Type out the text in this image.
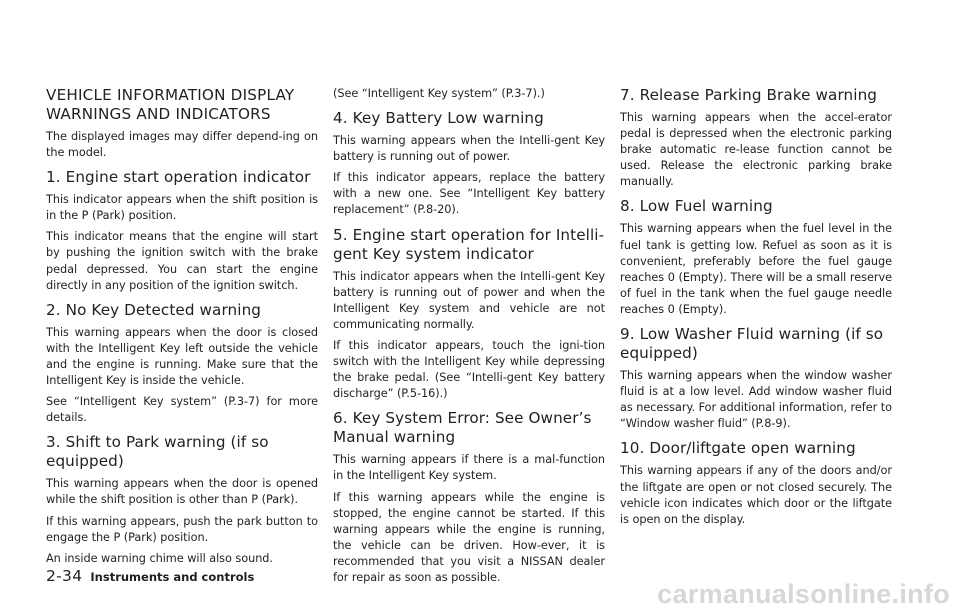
VEHICLE INFORMATION DISPLAY WARNINGS AND INDICATORS

The displayed images may differ depend-ing on the model.

1. Engine start operation indicator

This indicator appears when the shift position is in the P (Park) position.

This indicator means that the engine will start by pushing the ignition switch with the brake pedal depressed. You can start the engine directly in any position of the ignition switch.

2. No Key Detected warning

This warning appears when the door is closed with the Intelligent Key left outside the vehicle and the engine is running. Make sure that the Intelligent Key is inside the vehicle.

See “Intelligent Key system” (P.3-7) for more details.

3. Shift to Park warning (if so equipped)

This warning appears when the door is opened while the shift position is other than P (Park).

If this warning appears, push the park button to engage the P (Park) position.

An inside warning chime will also sound.

(See “Intelligent Key system” (P.3-7).)

4. Key Battery Low warning

This warning appears when the Intelli-gent Key battery is running out of power.

If this indicator appears, replace the battery with a new one. See “Intelligent Key battery replacement” (P.8-20).

5. Engine start operation for Intelli-gent Key system indicator

This indicator appears when the Intelli-gent Key battery is running out of power and when the Intelligent Key system and vehicle are not communicating normally.

If this indicator appears, touch the igni-tion switch with the Intelligent Key while depressing the brake pedal. (See “Intelli-gent Key battery discharge” (P.5-16).)

6. Key System Error: See Owner’s Manual warning

This warning appears if there is a mal-function in the Intelligent Key system.

If this warning appears while the engine is stopped, the engine cannot be started. If this warning appears while the engine is running, the vehicle can be driven. How-ever, it is recommended that you visit a NISSAN dealer for repair as soon as possible.

7. Release Parking Brake warning

This warning appears when the accel-erator pedal is depressed when the electronic parking brake automatic re-lease function cannot be used. Release the electronic parking brake manually.

8. Low Fuel warning

This warning appears when the fuel level in the fuel tank is getting low. Refuel as soon as it is convenient, preferably before the fuel gauge reaches 0 (Empty). There will be a small reserve of fuel in the tank when the fuel gauge needle reaches 0 (Empty).

9. Low Washer Fluid warning (if so equipped)

This warning appears when the window washer fluid is at a low level. Add window washer fluid as necessary. For additional information, refer to “Window washer fluid” (P.8-9).

10. Door/liftgate open warning

This warning appears if any of the doors and/or the liftgate are open or not closed securely. The vehicle icon indicates which door or the liftgate is open on the display.

2-34 Instruments and controls
carmanualsonline.info
